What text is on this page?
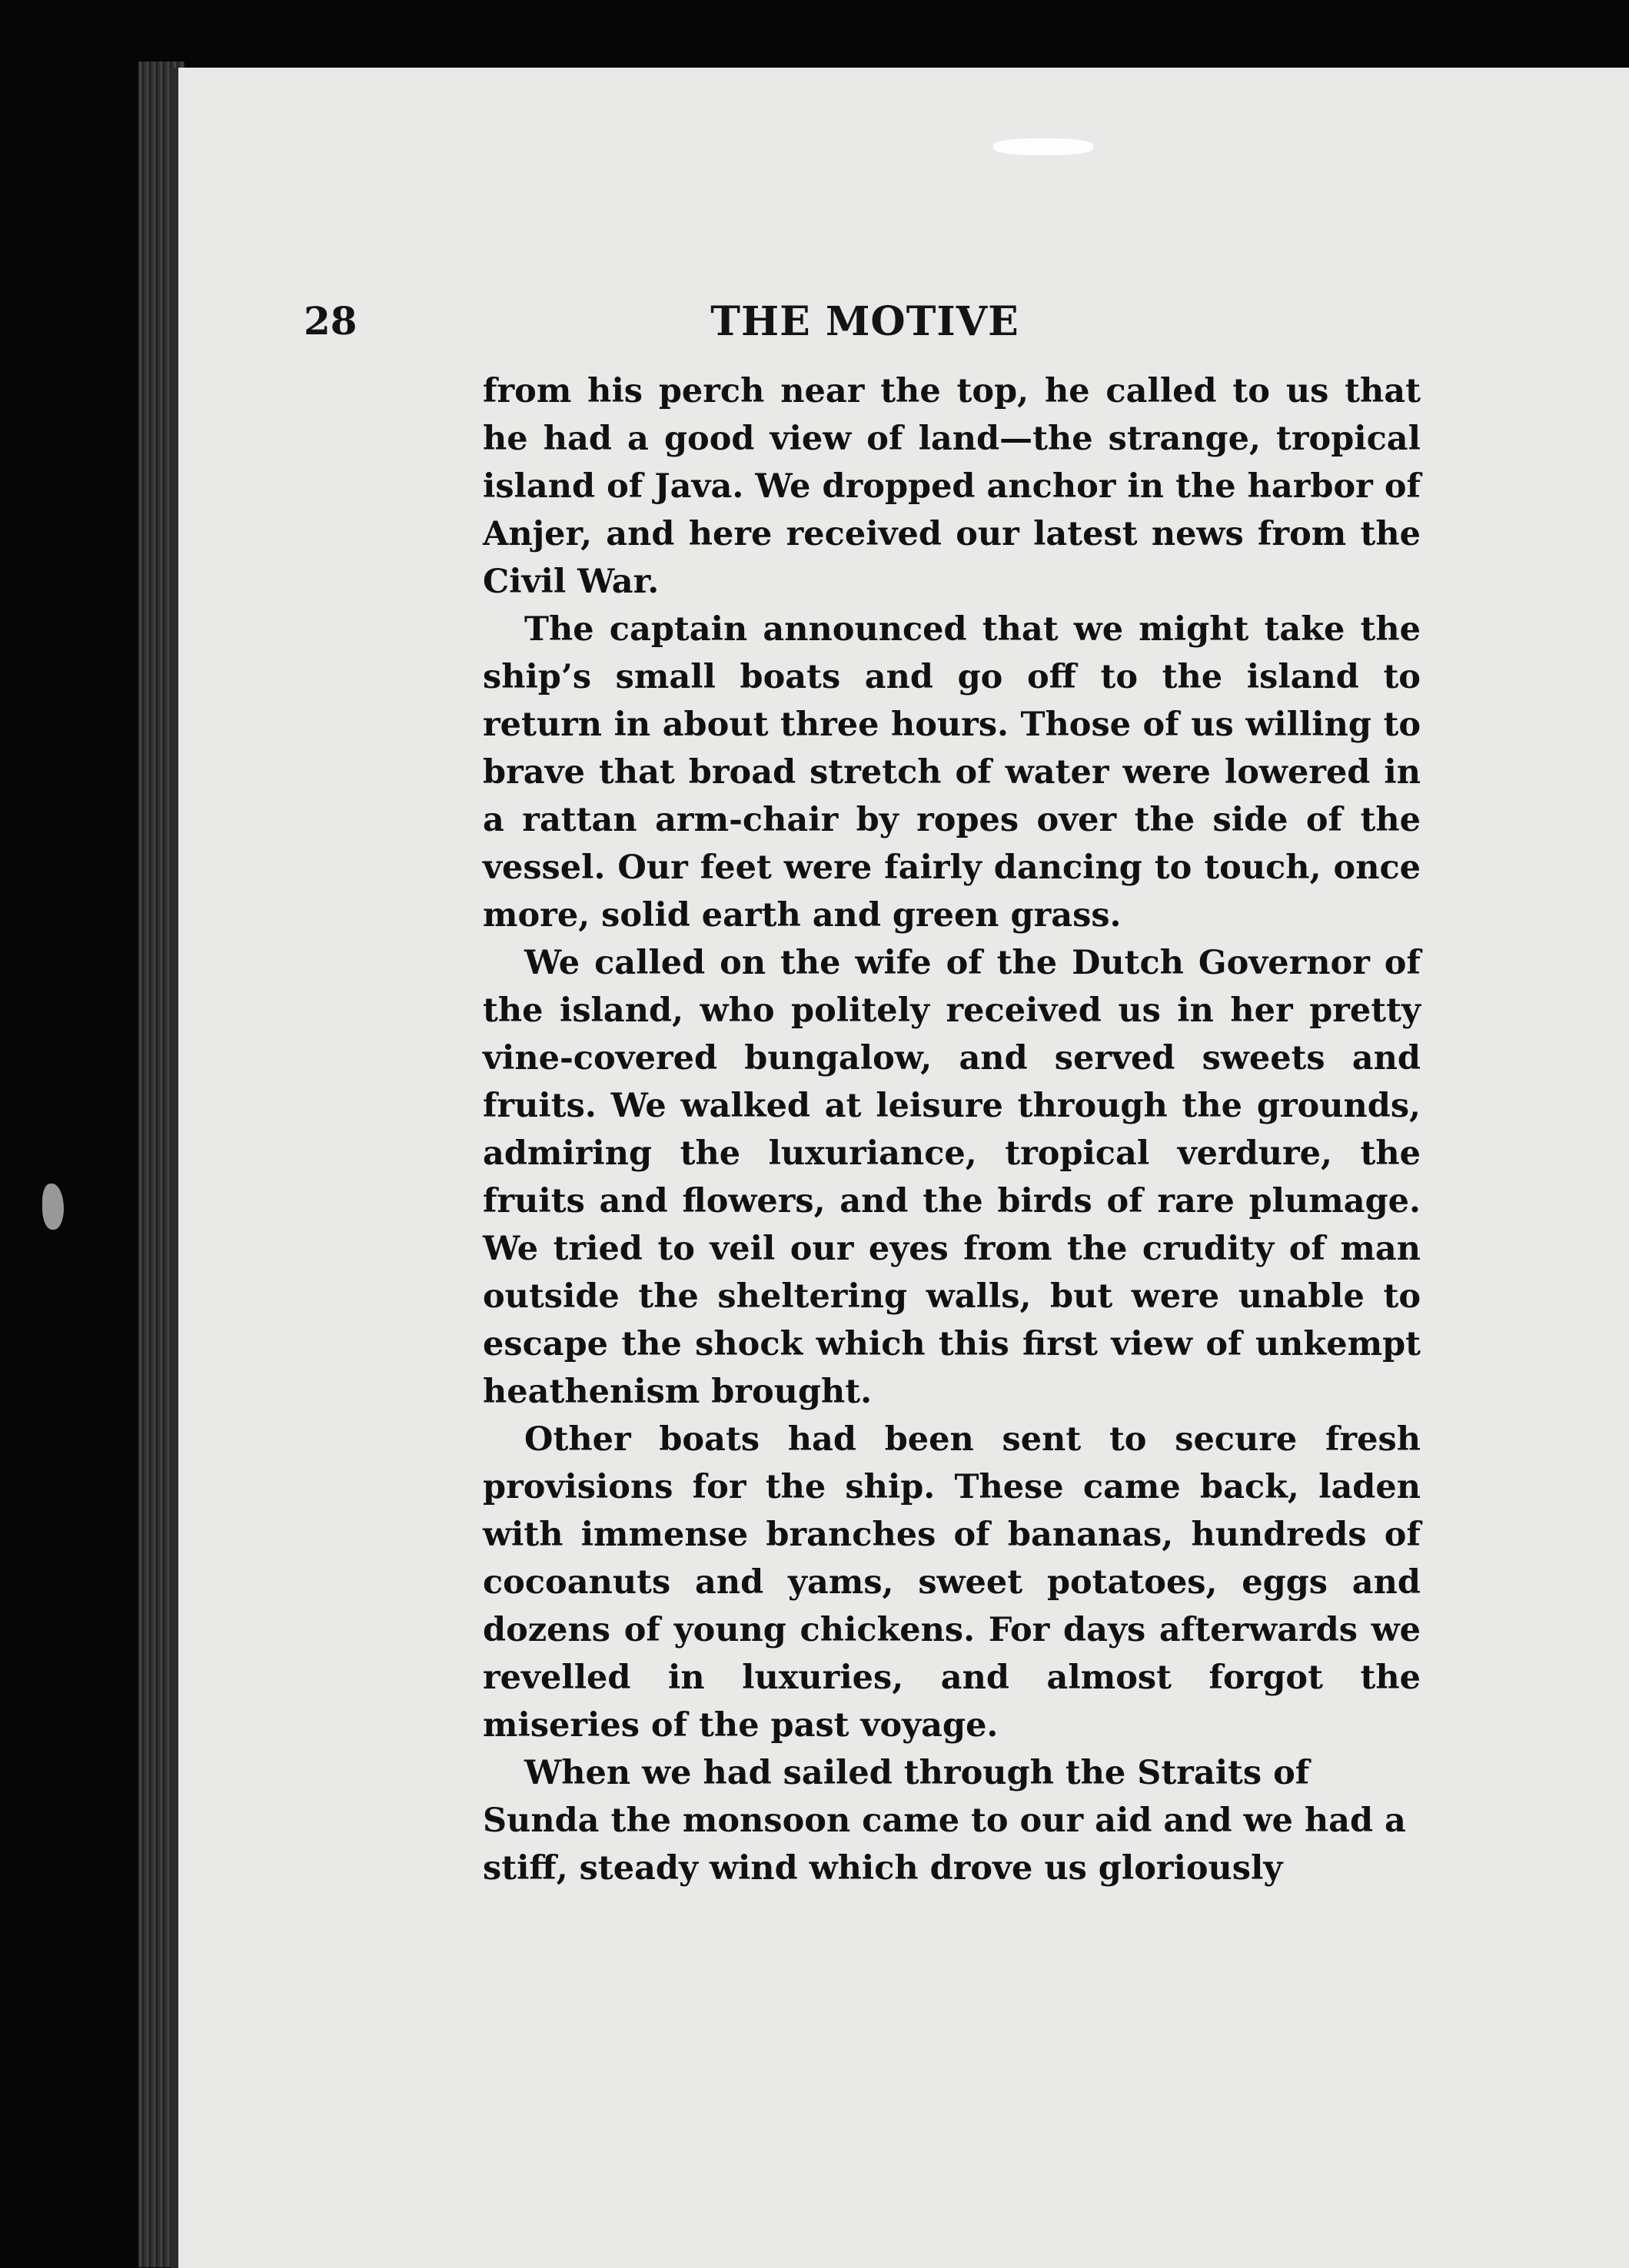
28	THE MOTIVE

from his perch near the top, he called to us that he had a good view of land—the strange, tropical island of Java. We dropped anchor in the harbor of Anjer, and here received our latest news from the Civil War.

The captain announced that we might take the ship’s small boats and go off to the island to return in about three hours. Those of us willing to brave that broad stretch of water were lowered in a rattan arm-chair by ropes over the side of the vessel. Our feet were fairly dancing to touch, once more, solid earth and green grass.

We called on the wife of the Dutch Governor of the island, who politely received us in her pretty vine-covered bungalow, and served sweets and fruits. We walked at leisure through the grounds, admiring the luxuriance, tropical verdure, the fruits and flowers, and the birds of rare plumage. We tried to veil our eyes from the crudity of man outside the sheltering walls, but were unable to escape the shock which this first view of unkempt heathenism brought.

Other boats had been sent to secure fresh provisions for the ship. These came back, laden with immense branches of bananas, hundreds of cocoanuts and yams, sweet potatoes, eggs and dozens of young chickens. For days afterwards we revelled in luxuries, and almost forgot the miseries of the past voyage.

When we had sailed through the Straits of Sunda the monsoon came to our aid and we had a stiff, steady wind which drove us gloriously
